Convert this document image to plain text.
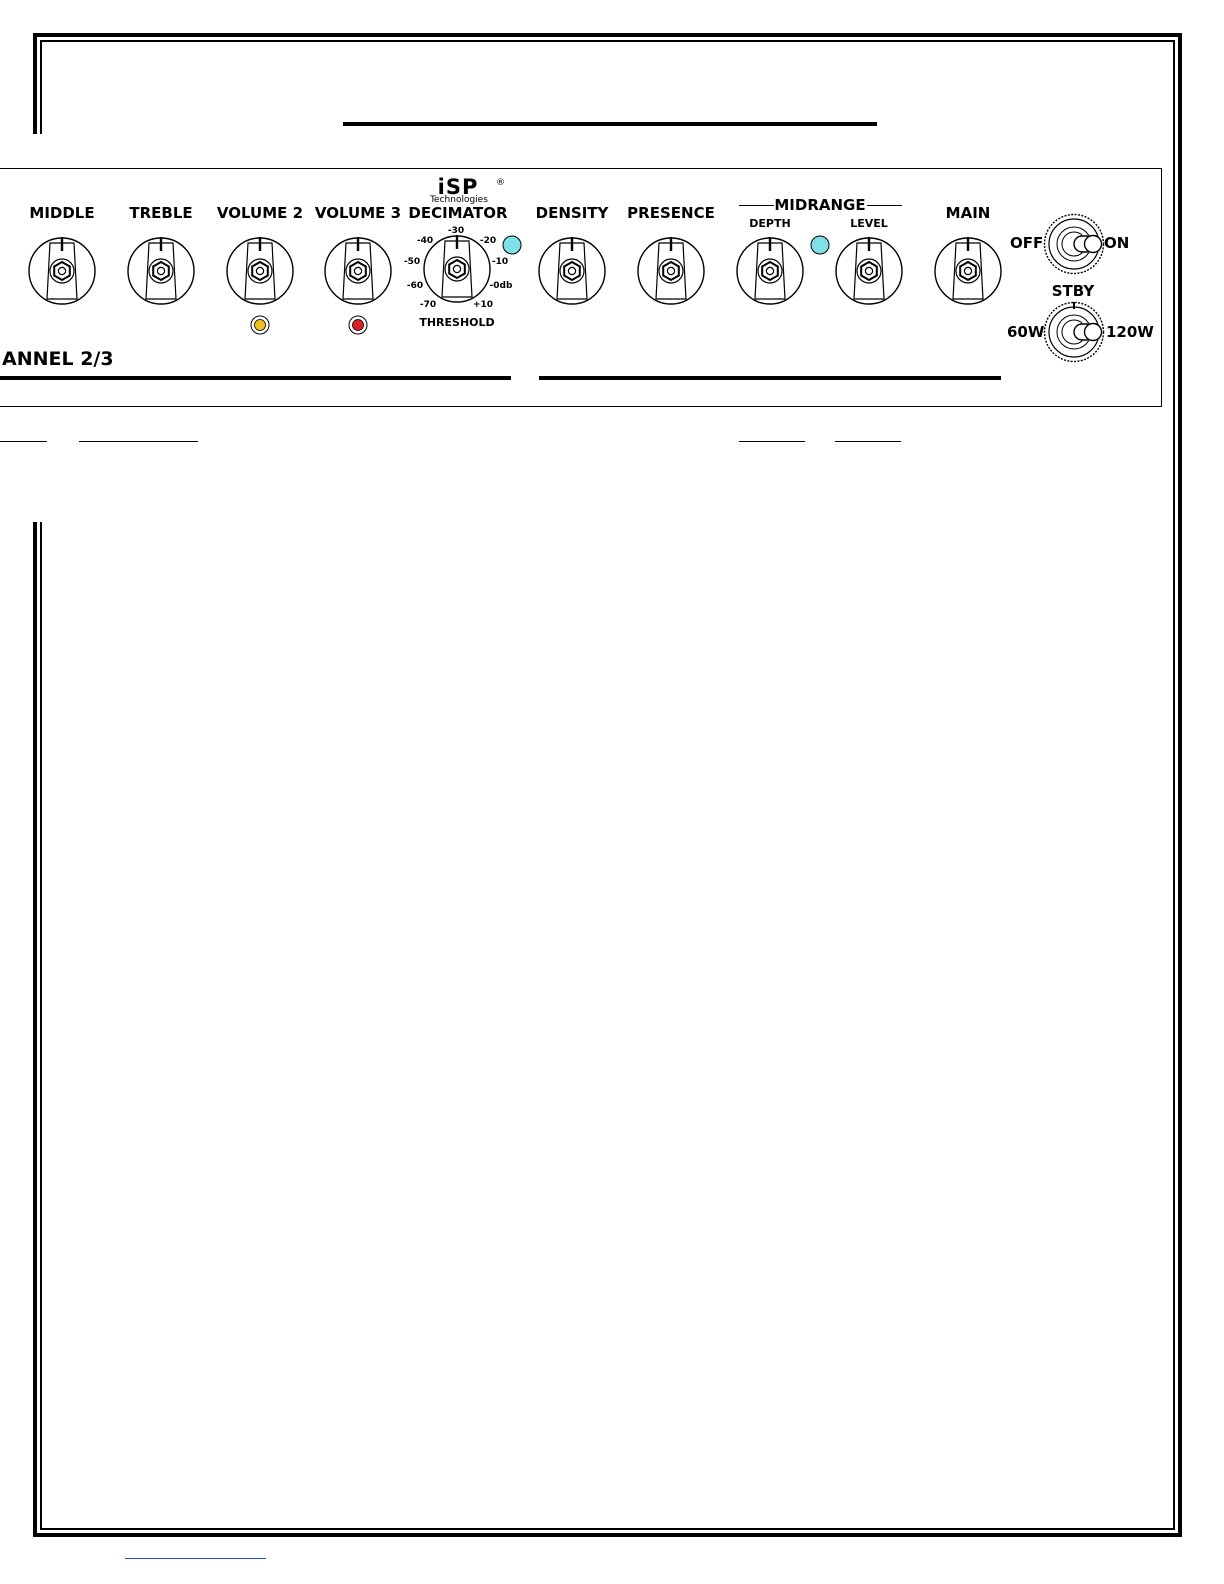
iSP ®
Technologies
MIDDLE TREBLE VOLUME 2 VOLUME 3 DECIMATOR DENSITY PRESENCE	MAIN
MIDRANGE
DEPTH	LEVEL
-30
-40	-20
-50	-10
-60	-0db
-70	+10
THRESHOLD
OFF	ON
STBY
60W	120W
ANNEL 2/3
